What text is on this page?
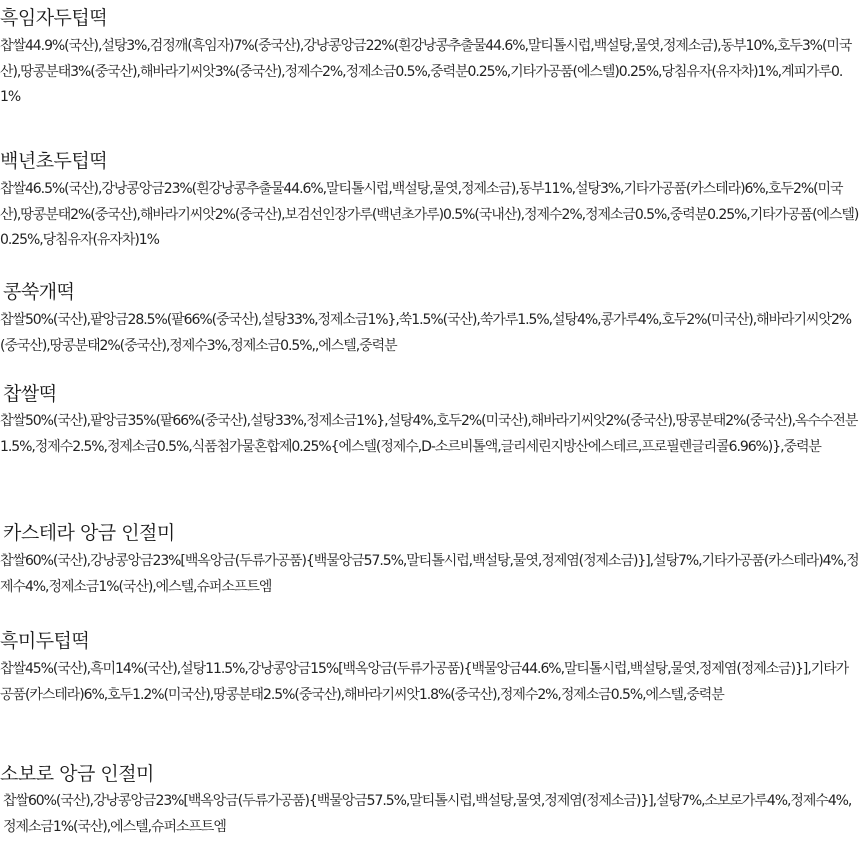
흑임자두텁떡

찹쌀44.9%(국산),설탕3%,검정깨(흑임자)7%(중국산),강낭콩앙금22%(흰강낭콩추출물44.6%,말티톨시럽,백설탕,물엿,정제소금),동부10%,호두3%(미국산),땅콩분태3%(중국산),해바라기씨앗3%(중국산),정제수2%,정제소금0.5%,중력분0.25%,기타가공품(에스텔)0.25%,당침유자(유자차)1%,계피가루0.1%

백년초두텁떡

찹쌀46.5%(국산),강낭콩앙금23%(흰강낭콩추출물44.6%,말티톨시럽,백설탕,물엿,정제소금),동부11%,설탕3%,기타가공품(카스테라)6%,호두2%(미국산),땅콩분태2%(중국산),해바라기씨앗2%(중국산),보검선인장가루(백년초가루)0.5%(국내산),정제수2%,정제소금0.5%,중력분0.25%,기타가공품(에스텔)0.25%,당침유자(유자차)1%

콩쑥개떡

찹쌀50%(국산),팥앙금28.5%(팥66%(중국산),설탕33%,정제소금1%},쑥1.5%(국산),쑥가루1.5%,설탕4%,콩가루4%,호두2%(미국산),해바라기씨앗2%(중국산),땅콩분태2%(중국산),정제수3%,정제소금0.5%,,에스텔,중력분

찹쌀떡

찹쌀50%(국산),팥앙금35%(팥66%(중국산),설탕33%,정제소금1%},설탕4%,호두2%(미국산),해바라기씨앗2%(중국산),땅콩분태2%(중국산),옥수수전분1.5%,정제수2.5%,정제소금0.5%,식품첨가물혼합제0.25%{에스텔(정제수,D-소르비톨액,글리세린지방산에스테르,프로필렌글리콜6.96%)},중력분

카스테라 앙금 인절미

찹쌀60%(국산),강낭콩앙금23%[백옥앙금(두류가공품){백물앙금57.5%,말티톨시럽,백설탕,물엿,정제염(정제소금)}],설탕7%,기타가공품(카스테라)4%,정제수4%,정제소금1%(국산),에스텔,슈퍼소프트엠

흑미두텁떡

찹쌀45%(국산),흑미14%(국산),설탕11.5%,강낭콩앙금15%[백옥앙금(두류가공품){백물앙금44.6%,말티톨시럽,백설탕,물엿,정제염(정제소금)}],기타가공품(카스테라)6%,호두1.2%(미국산),땅콩분태2.5%(중국산),해바라기씨앗1.8%(중국산),정제수2%,정제소금0.5%,에스텔,중력분

소보로 앙금 인절미

찹쌀60%(국산),강낭콩앙금23%[백옥앙금(두류가공품){백물앙금57.5%,말티톨시럽,백설탕,물엿,정제염(정제소금)}],설탕7%,소보로가루4%,정제수4%,정제소금1%(국산),에스텔,슈퍼소프트엠
